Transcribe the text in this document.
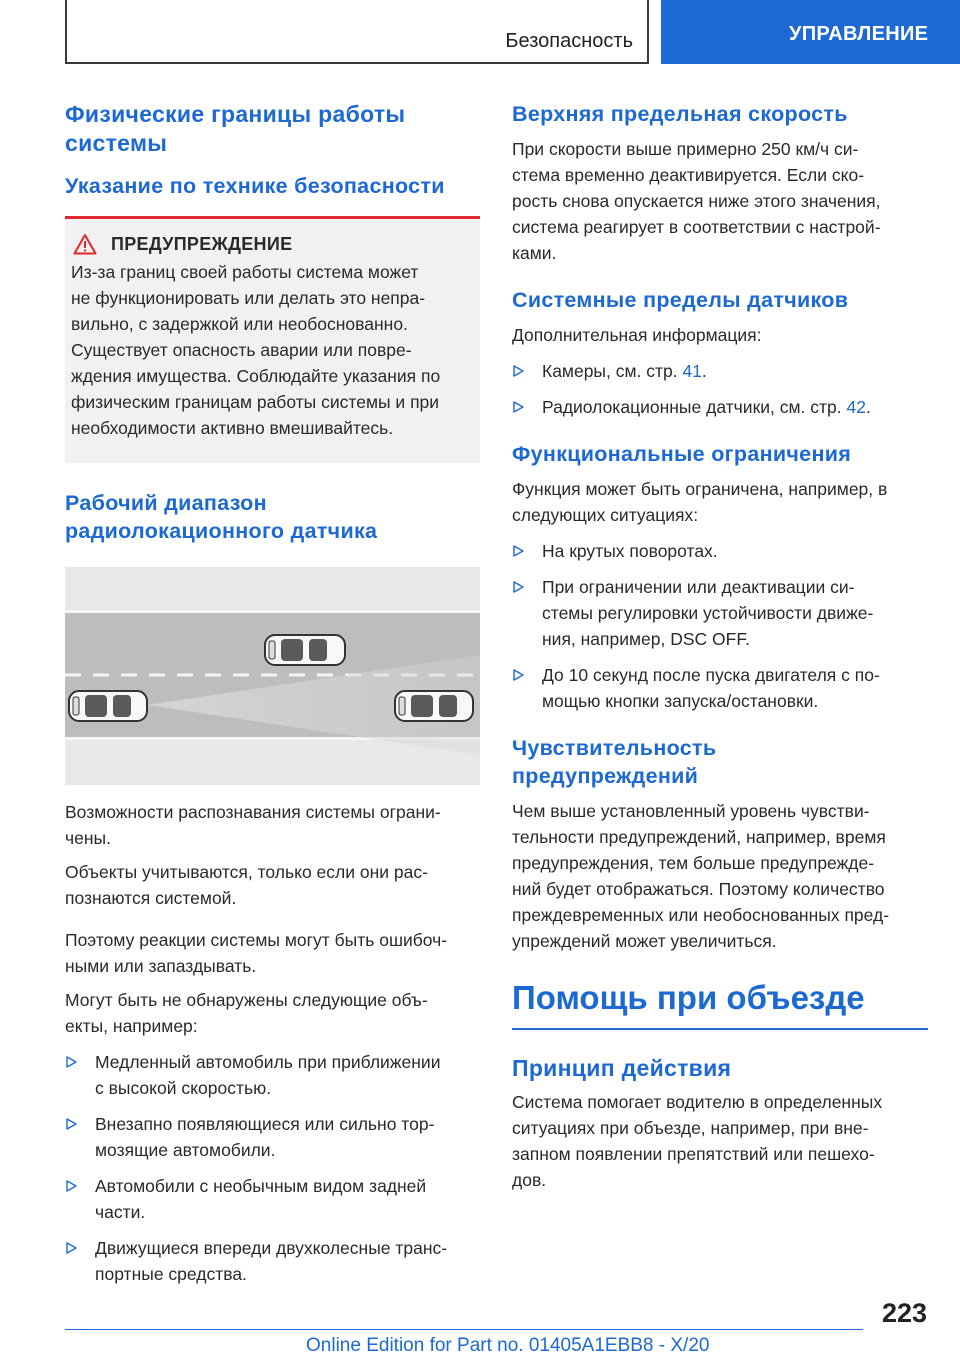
Безопасность	УПРАВЛЕНИЕ
Физические границы работы системы
Указание по технике безопасности
ПРЕДУПРЕЖДЕНИЕ

Из-за границ своей работы система может

не функционировать или делать это непра-

вильно, с задержкой или необоснованно.

Существует опасность аварии или повре-

ждения имущества. Соблюдайте указания по

физическим границам работы системы и при

необходимости активно вмешивайтесь.

Рабочий диапазон
радиолокационного датчика

Возможности распознавания системы ограни-
чены.

Объекты учитываются, только если они рас-
познаются системой.

Поэтому реакции системы могут быть ошибоч-
ными или запаздывать.

Могут быть не обнаружены следующие объ-
екты, например:

Медленный автомобиль при приближении
с высокой скоростью.
Внезапно появляющиеся или сильно тор-
мозящие автомобили.
Автомобили с необычным видом задней
части.
Движущиеся впереди двухколесные транс-
портные средства.
Верхняя предельная скорость

При скорости выше примерно 250 км/ч си-
стема временно деактивируется. Если ско-
рость снова опускается ниже этого значения,
система реагирует в соответствии с настрой-
ками.

Системные пределы датчиков

Дополнительная информация:

Камеры, см. стр. 41.
Радиолокационные датчики, см. стр. 42.
Функциональные ограничения

Функция может быть ограничена, например, в
следующих ситуациях:

На крутых поворотах.
При ограничении или деактивации си-
стемы регулировки устойчивости движе-
ния, например, DSC OFF.
До 10 секунд после пуска двигателя с по-
мощью кнопки запуска/остановки.
Чувствительность
предупреждений

Чем выше установленный уровень чувстви-
тельности предупреждений, например, время
предупреждения, тем больше предупрежде-
ний будет отображаться. Поэтому количество
преждевременных или необоснованных пред-
упреждений может увеличиться.

Помощь при объезде
Принцип действия

Система помогает водителю в определенных
ситуациях при объезде, например, при вне-
запном появлении препятствий или пешехо-
дов.

223
Online Edition for Part no. 01405A1EBB8 - X/20
